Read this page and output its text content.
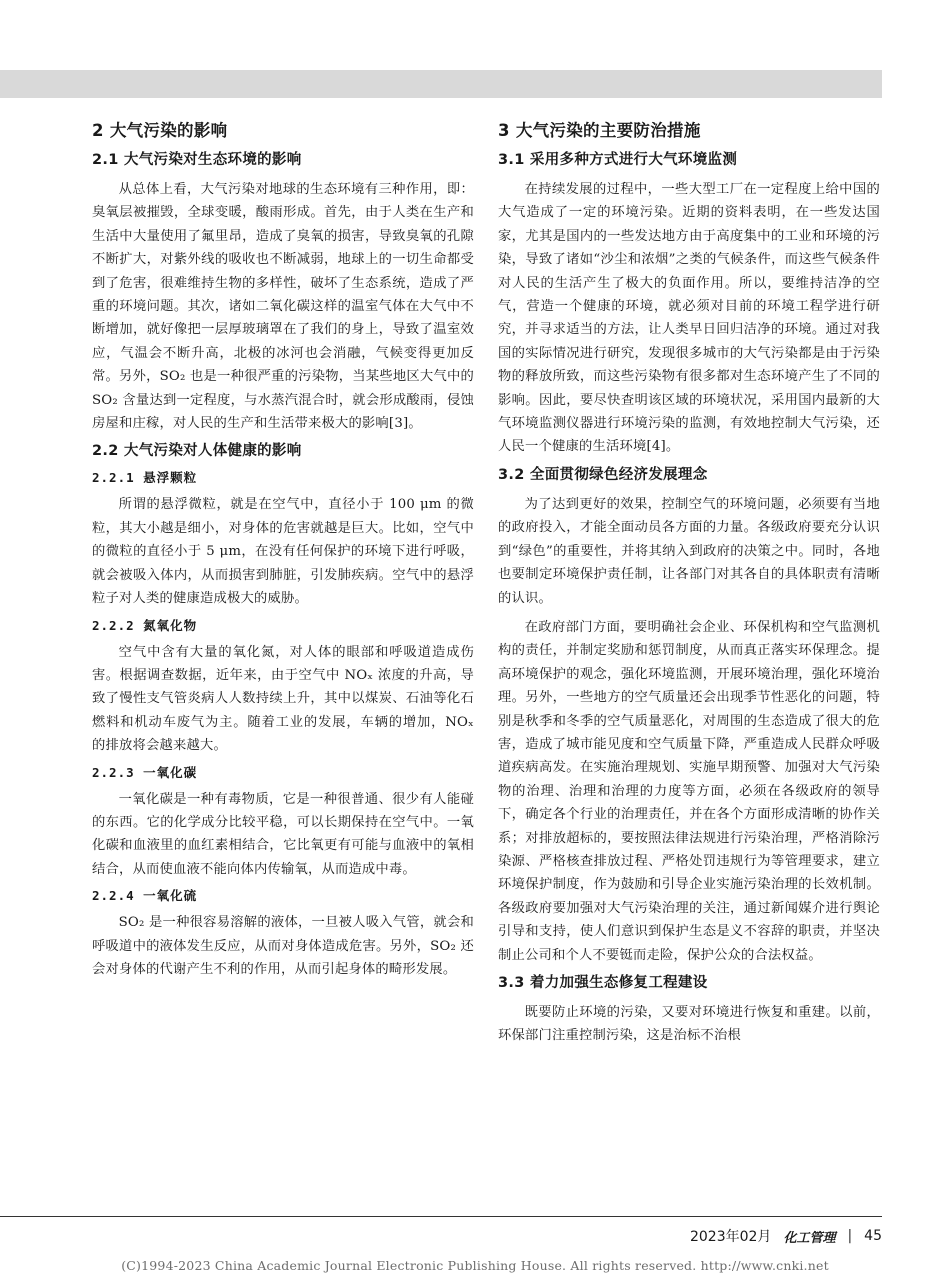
2 大气污染的影响
2.1 大气污染对生态环境的影响

从总体上看，大气污染对地球的生态环境有三种作用，即：臭氧层被摧毁，全球变暖，酸雨形成。首先，由于人类在生产和生活中大量使用了氟里昂，造成了臭氧的损害，导致臭氧的孔隙不断扩大，对紫外线的吸收也不断减弱，地球上的一切生命都受到了危害，很难维持生物的多样性，破坏了生态系统，造成了严重的环境问题。其次，诸如二氧化碳这样的温室气体在大气中不断增加，就好像把一层厚玻璃罩在了我们的身上，导致了温室效应，气温会不断升高，北极的冰河也会消融，气候变得更加反常。另外，SO₂ 也是一种很严重的污染物，当某些地区大气中的 SO₂ 含量达到一定程度，与水蒸汽混合时，就会形成酸雨，侵蚀房屋和庄稼，对人民的生产和生活带来极大的影响[3]。

2.2 大气污染对人体健康的影响
2.2.1 悬浮颗粒

所谓的悬浮微粒，就是在空气中，直径小于 100 μm 的微粒，其大小越是细小，对身体的危害就越是巨大。比如，空气中的微粒的直径小于 5 μm，在没有任何保护的环境下进行呼吸，就会被吸入体内，从而损害到肺脏，引发肺疾病。空气中的悬浮粒子对人类的健康造成极大的威胁。

2.2.2 氮氧化物

空气中含有大量的氧化氮，对人体的眼部和呼吸道造成伤害。根据调查数据，近年来，由于空气中 NOₓ 浓度的升高，导致了慢性支气管炎病人人数持续上升，其中以煤炭、石油等化石燃料和机动车废气为主。随着工业的发展，车辆的增加，NOₓ 的排放将会越来越大。

2.2.3 一氧化碳

一氧化碳是一种有毒物质，它是一种很普通、很少有人能碰的东西。它的化学成分比较平稳，可以长期保持在空气中。一氧化碳和血液里的血红素相结合，它比氧更有可能与血液中的氧相结合，从而使血液不能向体内传输氧，从而造成中毒。

2.2.4 一氧化硫

SO₂ 是一种很容易溶解的液体，一旦被人吸入气管，就会和呼吸道中的液体发生反应，从而对身体造成危害。另外，SO₂ 还会对身体的代谢产生不利的作用，从而引起身体的畸形发展。

3 大气污染的主要防治措施
3.1 采用多种方式进行大气环境监测

在持续发展的过程中，一些大型工厂在一定程度上给中国的大气造成了一定的环境污染。近期的资料表明，在一些发达国家，尤其是国内的一些发达地方由于高度集中的工业和环境的污染，导致了诸如“沙尘和浓烟”之类的气候条件，而这些气候条件对人民的生活产生了极大的负面作用。所以，要维持洁净的空气，营造一个健康的环境，就必须对目前的环境工程学进行研究，并寻求适当的方法，让人类早日回归洁净的环境。通过对我国的实际情况进行研究，发现很多城市的大气污染都是由于污染物的释放所致，而这些污染物有很多都对生态环境产生了不同的影响。因此，要尽快查明该区域的环境状况，采用国内最新的大气环境监测仪器进行环境污染的监测，有效地控制大气污染，还人民一个健康的生活环境[4]。

3.2 全面贯彻绿色经济发展理念

为了达到更好的效果，控制空气的环境问题，必须要有当地的政府投入，才能全面动员各方面的力量。各级政府要充分认识到“绿色”的重要性，并将其纳入到政府的决策之中。同时，各地也要制定环境保护责任制，让各部门对其各自的具体职责有清晰的认识。

在政府部门方面，要明确社会企业、环保机构和空气监测机构的责任，并制定奖励和惩罚制度，从而真正落实环保理念。提高环境保护的观念，强化环境监测，开展环境治理，强化环境治理。另外，一些地方的空气质量还会出现季节性恶化的问题，特别是秋季和冬季的空气质量恶化，对周围的生态造成了很大的危害，造成了城市能见度和空气质量下降，严重造成人民群众呼吸道疾病高发。在实施治理规划、实施早期预警、加强对大气污染物的治理、治理和治理的力度等方面，必须在各级政府的领导下，确定各个行业的治理责任，并在各个方面形成清晰的协作关系；对排放超标的，要按照法律法规进行污染治理，严格消除污染源、严格核查排放过程、严格处罚违规行为等管理要求，建立环境保护制度，作为鼓励和引导企业实施污染治理的长效机制。各级政府要加强对大气污染治理的关注，通过新闻媒介进行舆论引导和支持，使人们意识到保护生态是义不容辞的职责，并坚决制止公司和个人不要铤而走险，保护公众的合法权益。

3.3 着力加强生态修复工程建设

既要防止环境的污染，又要对环境进行恢复和重建。以前，环保部门注重控制污染，这是治标不治根

2023年02月 化工管理 | 45
(C)1994-2023 China Academic Journal Electronic Publishing House. All rights reserved. http://www.cnki.net
